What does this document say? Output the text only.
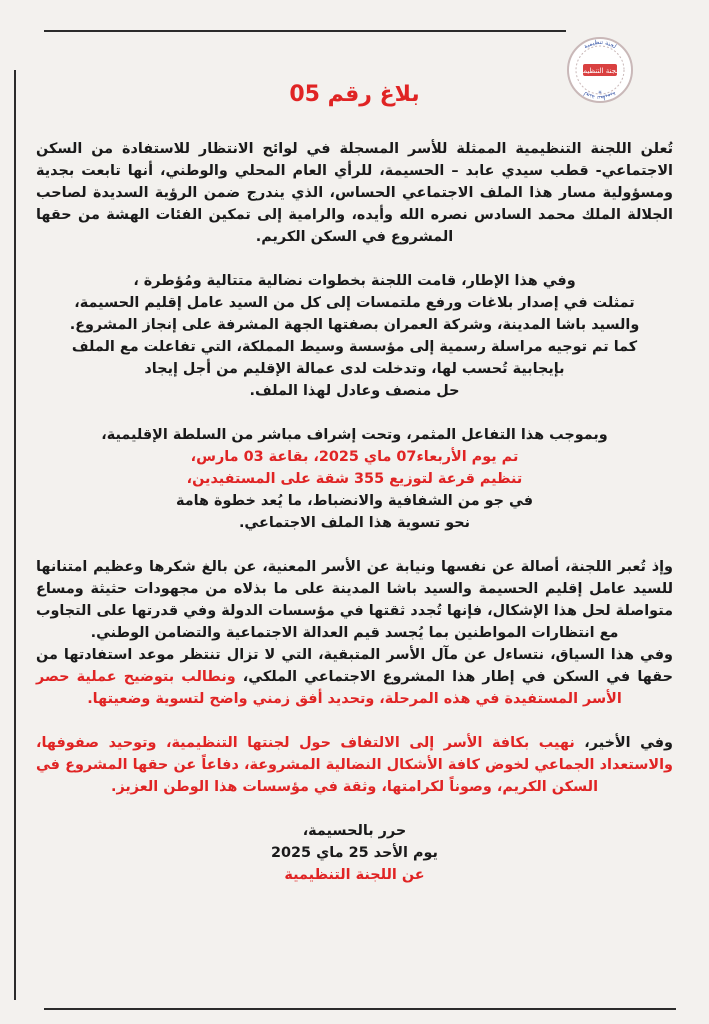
لجنة تنظيمية
لجنة تنظيمية
اللجنة التنظيمية
✳
بلاغ رقم 05

تُعلن اللجنة التنظيمية الممثلة للأسر المسجلة في لوائح الانتظار للاستفادة من السكن الاجتماعي- قطب سيدي عابد – الحسيمة، للرأي العام المحلي والوطني، أنها تابعت بجدية ومسؤولية مسار هذا الملف الاجتماعي الحساس، الذي يندرج ضمن الرؤية السديدة لصاحب الجلالة الملك محمد السادس نصره الله وأيده، والرامية إلى تمكين الفئات الهشة من حقها المشروع في السكن الكريم.

وفي هذا الإطار، قامت اللجنة بخطوات نضالية متتالية ومُؤطرة ،

تمثلت في إصدار بلاغات ورفع ملتمسات إلى كل من السيد عامل إقليم الحسيمة،

والسيد باشا المدينة، وشركة العمران بصفتها الجهة المشرفة على إنجاز المشروع.

كما تم توجيه مراسلة رسمية إلى مؤسسة وسيط المملكة، التي تفاعلت مع الملف

بإيجابية تُحسب لها، وتدخلت لدى عمالة الإقليم من أجل إيجاد

حل منصف وعادل لهذا الملف.

وبموجب هذا التفاعل المثمر، وتحت إشراف مباشر من السلطة الإقليمية،

تم يوم الأربعاء07 ماي 2025، بقاعة 03 مارس،

تنظيم قرعة لتوزيع 355 شقة على المستفيدين،

في جو من الشفافية والانضباط، ما يُعد خطوة هامة

نحو تسوية هذا الملف الاجتماعي.

وإذ تُعبر اللجنة، أصالة عن نفسها ونيابة عن الأسر المعنية، عن بالغ شكرها وعظيم امتنانها للسيد عامل إقليم الحسيمة والسيد باشا المدينة على ما بذلاه من مجهودات حثيثة ومساع متواصلة لحل هذا الإشكال، فإنها تُجدد ثقتها في مؤسسات الدولة وفي قدرتها على التجاوب مع انتظارات المواطنين بما يُجسد قيم العدالة الاجتماعية والتضامن الوطني.

وفي هذا السياق، نتساءل عن مآل الأسر المتبقية، التي لا تزال تنتظر موعد استفادتها من حقها في السكن في إطار هذا المشروع الاجتماعي الملكي، ونطالب بتوضيح عملية حصر الأسر المستفيدة في هذه المرحلة، وتحديد أفق زمني واضح لتسوية وضعيتها.

وفي الأخير، نهيب بكافة الأسر إلى الالتفاف حول لجنتها التنظيمية، وتوحيد صفوفها، والاستعداد الجماعي لخوض كافة الأشكال النضالية المشروعة، دفاعاً عن حقها المشروع في السكن الكريم، وصوناً لكرامتها، وثقة في مؤسسات هذا الوطن العزيز.

حرر بالحسيمة،

يوم الأحد 25 ماي 2025

عن اللجنة التنظيمية
